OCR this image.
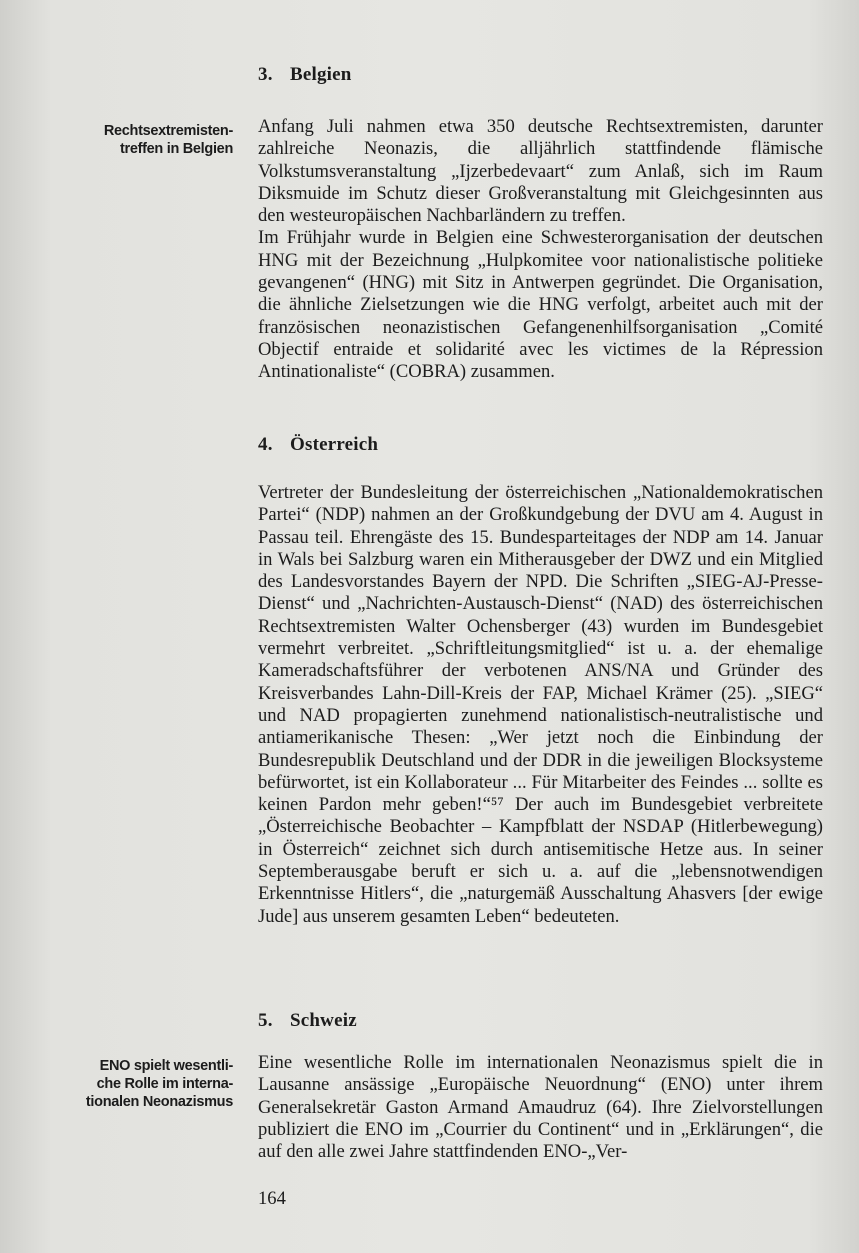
3. Belgien
Rechtsextremisten-
treffen in Belgien

Anfang Juli nahmen etwa 350 deutsche Rechtsextremisten, darunter zahlreiche Neonazis, die alljährlich stattfindende flämische Volkstumsveranstaltung „Ijzerbedevaart“ zum Anlaß, sich im Raum Diksmuide im Schutz dieser Großveranstaltung mit Gleichgesinnten aus den westeuropäischen Nachbarländern zu treffen.

Im Frühjahr wurde in Belgien eine Schwesterorganisation der deutschen HNG mit der Bezeichnung „Hulpkomitee voor nationalistische politieke gevangenen“ (HNG) mit Sitz in Antwerpen gegründet. Die Organisation, die ähnliche Zielsetzungen wie die HNG verfolgt, arbeitet auch mit der französischen neonazistischen Gefangenenhilfsorganisation „Comité Objectif entraide et solidarité avec les victimes de la Répression Antinationaliste“ (COBRA) zusammen.

4. Österreich

Vertreter der Bundesleitung der österreichischen „Nationaldemokratischen Partei“ (NDP) nahmen an der Großkundgebung der DVU am 4. August in Passau teil. Ehrengäste des 15. Bundesparteitages der NDP am 14. Januar in Wals bei Salzburg waren ein Mitherausgeber der DWZ und ein Mitglied des Landesvorstandes Bayern der NPD. Die Schriften „SIEG-AJ-Presse-Dienst“ und „Nachrichten-Austausch-Dienst“ (NAD) des österreichischen Rechtsextremisten Walter Ochensberger (43) wurden im Bundesgebiet vermehrt verbreitet. „Schriftleitungsmitglied“ ist u. a. der ehemalige Kameradschaftsführer der verbotenen ANS/NA und Gründer des Kreisverbandes Lahn-Dill-Kreis der FAP, Michael Krämer (25). „SIEG“ und NAD propagierten zunehmend nationalistisch-neutralistische und antiamerikanische Thesen: „Wer jetzt noch die Einbindung der Bundesrepublik Deutschland und der DDR in die jeweiligen Blocksysteme befürwortet, ist ein Kollaborateur ... Für Mitarbeiter des Feindes ... sollte es keinen Pardon mehr geben!“⁵⁷ Der auch im Bundesgebiet verbreitete „Österreichische Beobachter – Kampfblatt der NSDAP (Hitlerbewegung) in Österreich“ zeichnet sich durch antisemitische Hetze aus. In seiner Septemberausgabe beruft er sich u. a. auf die „lebensnotwendigen Erkenntnisse Hitlers“, die „naturgemäß Ausschaltung Ahasvers [der ewige Jude] aus unserem gesamten Leben“ bedeuteten.

5. Schweiz
ENO spielt wesentli-
che Rolle im interna-
tionalen Neonazismus

Eine wesentliche Rolle im internationalen Neonazismus spielt die in Lausanne ansässige „Europäische Neuordnung“ (ENO) unter ihrem Generalsekretär Gaston Armand Amaudruz (64). Ihre Zielvorstellungen publiziert die ENO im „Courrier du Continent“ und in „Erklärungen“, die auf den alle zwei Jahre stattfindenden ENO-„Ver-

164
